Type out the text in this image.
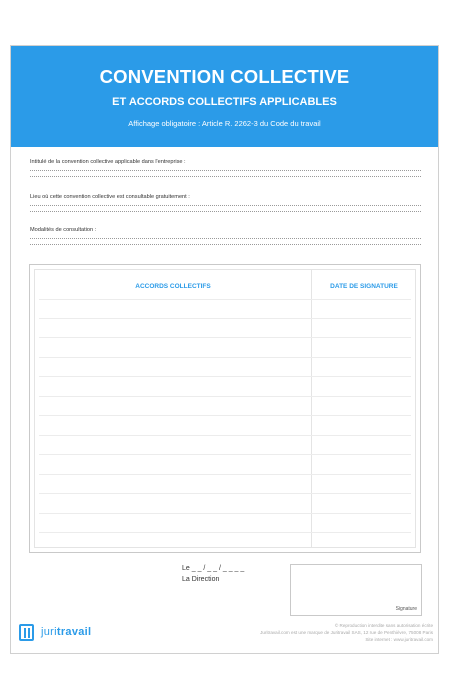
CONVENTION COLLECTIVE
ET ACCORDS COLLECTIFS APPLICABLES
Affichage obligatoire : Article R. 2262-3 du Code du travail
Intitulé de la convention collective applicable dans l'entreprise :
Lieu où cette convention collective est consultable gratuitement :
Modalités de consultation :
ACCORDS COLLECTIFS	DATE DE SIGNATURE
Le _ _ / _ _ / _ _ _ _
La Direction
Signature
juritravail
© Reproduction interdite sans autorisation écrite
Juritravail.com est une marque de Juritravail SAS, 12 rue de Penthièvre, 75008 Paris
Site internet : www.juritravail.com
